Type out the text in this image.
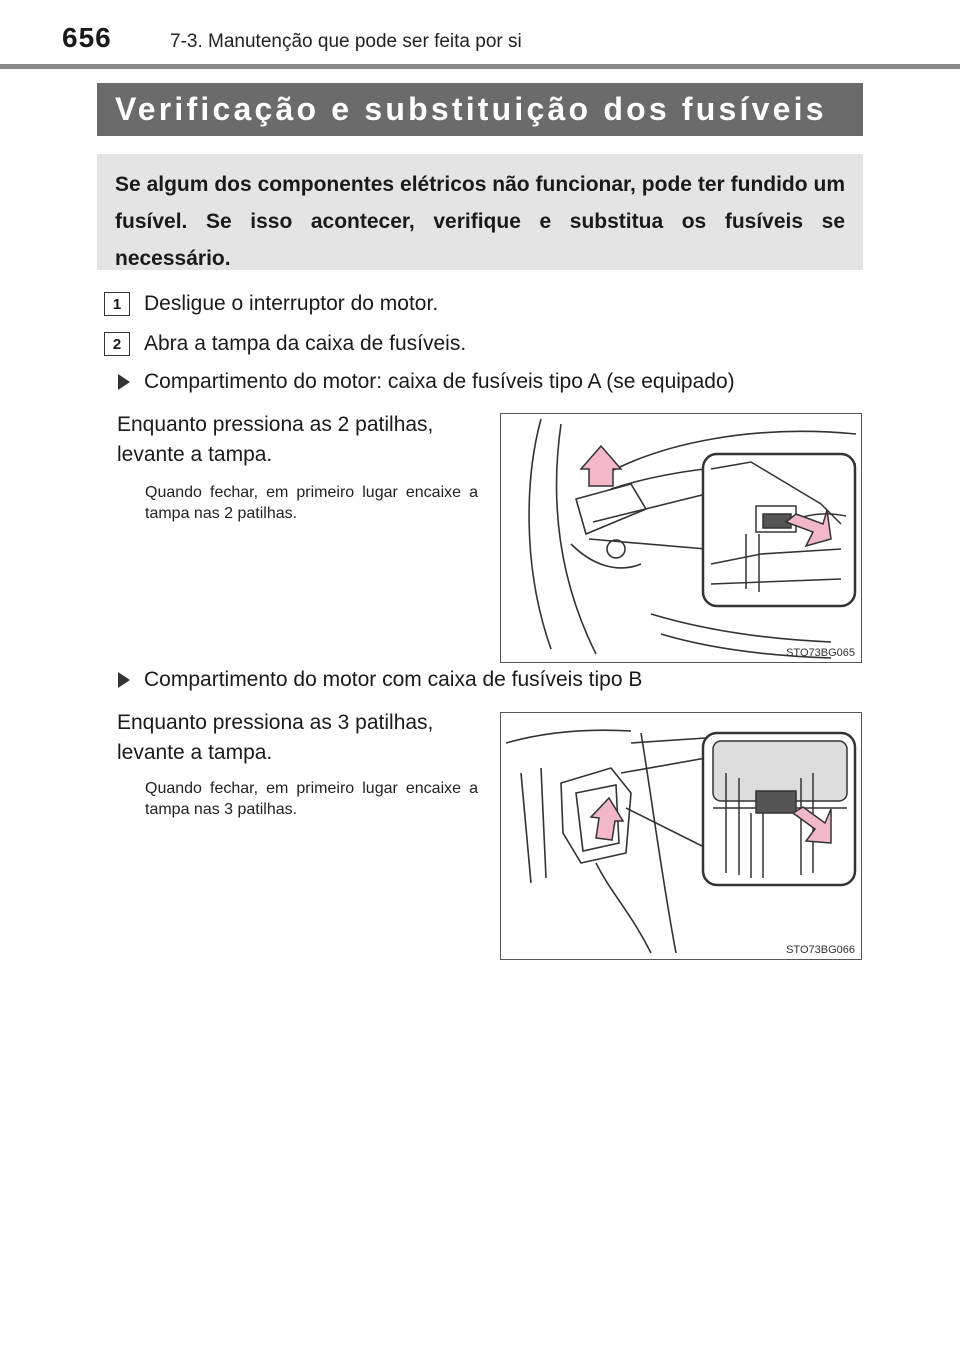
656	7-3. Manutenção que pode ser feita por si
Verificação e substituição dos fusíveis
Se algum dos componentes elétricos não funcionar, pode ter fundido um fusível. Se isso acontecer, verifique e substitua os fusíveis se necessário.
1	Desligue o interruptor do motor.
2	Abra a tampa da caixa de fusíveis.
Compartimento do motor: caixa de fusíveis tipo A (se equipado)
Enquanto pressiona as 2 patilhas,
levante a tampa.
Quando fechar, em primeiro lugar encaixe a tampa nas 2 patilhas.
STO73BG065
Compartimento do motor com caixa de fusíveis tipo B
Enquanto pressiona as 3 patilhas,
levante a tampa.
Quando fechar, em primeiro lugar encaixe a tampa nas 3 patilhas.
STO73BG066
